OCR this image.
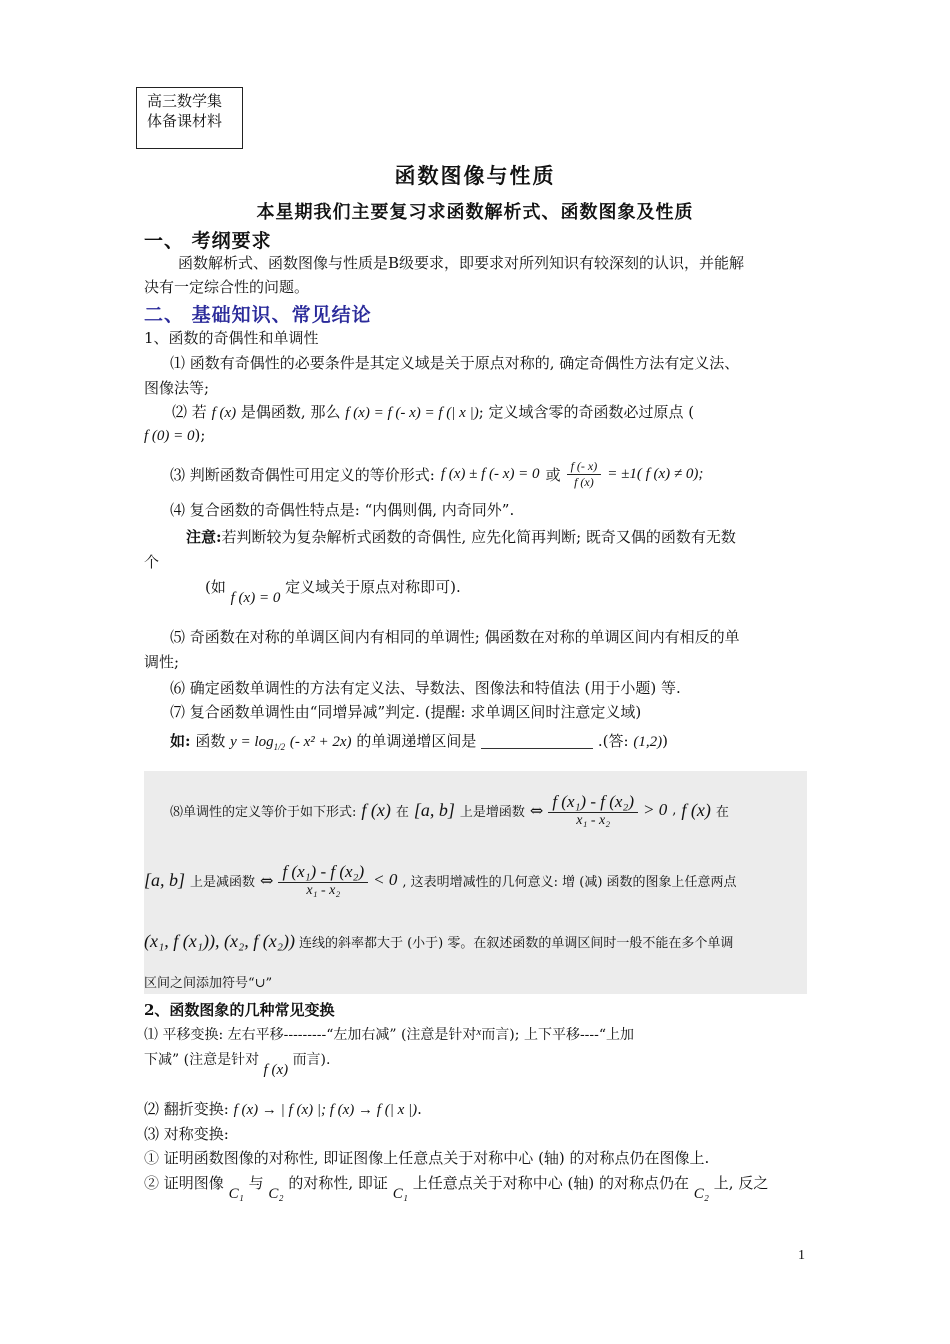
高三数学集
体备课材料
函数图像与性质
本星期我们主要复习求函数解析式、函数图象及性质
一、 考纲要求
函数解析式、函数图像与性质是B级要求，即要求对所列知识有较深刻的认识，并能解
决有一定综合性的问题。
二、 基础知识、常见结论
1、函数的奇偶性和单调性
⑴ 函数有奇偶性的必要条件是其定义域是关于原点对称的, 确定奇偶性方法有定义法、
图像法等;
⑵ 若 f (x) 是偶函数, 那么 f (x) = f (- x) = f (| x |); 定义域含零的奇函数必过原点 (
f (0) = 0);
⑶ 判断函数奇偶性可用定义的等价形式: f (x) ± f (- x) = 0 或 $\frac{f (- x)}{f (x)} = \pm 1$( f (x) ≠ 0);
⑷ 复合函数的奇偶性特点是: “内偶则偶, 内奇同外”.
注意:若判断较为复杂解析式函数的奇偶性, 应先化简再判断; 既奇又偶的函数有无数
个
(如 f (x) = 0 定义域关于原点对称即可).
⑸ 奇函数在对称的单调区间内有相同的单调性; 偶函数在对称的单调区间内有相反的单
调性;
⑹ 确定函数单调性的方法有定义法、导数法、图像法和特值法 (用于小题) 等.
⑺ 复合函数单调性由“同增异减”判定. (提醒: 求单调区间时注意定义域)
如: 函数 $y = \log_{1/2}$ (- x² + 2x) 的单调递增区间是	.(答: (1,2))
⑻单调性的定义等价于如下形式: f (x) 在 [a, b] 上是增函数 ⇔ $\frac{\text{f (x₁) - f (x₂)}}{\text{x₁ - x₂}} > 0$ , f (x) 在
[a, b] 上是减函数 ⇔ $\frac{\text{f (x₁) - f (x₂)}}{\text{x₁ - x₂}} < 0$ , 这表明增减性的几何意义: 增 (减) 函数的图象上任意两点
(x₁, f (x₁)), (x₂, f (x₂)) 连线的斜率都大于 (小于) 零。在叙述函数的单调区间时一般不能在多个单调
区间之间添加符号“∪”
2、函数图象的几种常见变换
⑴ 平移变换: 左右平移---------“左加右减” (注意是针对$^x$而言); 上下平移----“上加
下减” (注意是针对 f (x) 而言).
⑵ 翻折变换: f (x) → | f (x) |; f (x) → f (| x |).
⑶ 对称变换:
① 证明函数图像的对称性, 即证图像上任意点关于对称中心 (轴) 的对称点仍在图像上.
② 证明图像 C₁ 与 C₂ 的对称性, 即证 C₁ 上任意点关于对称中心 (轴) 的对称点仍在 C₂ 上, 反之
1
